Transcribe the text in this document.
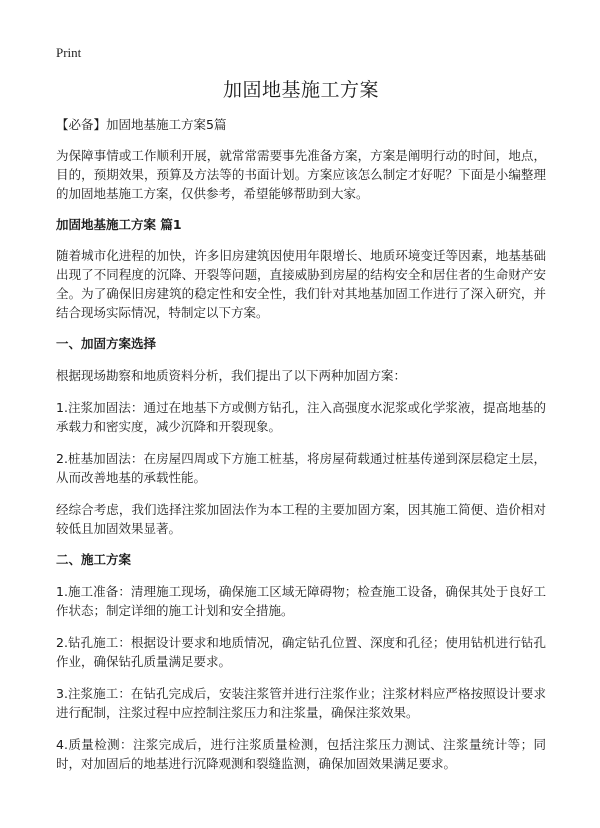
Print
加固地基施工方案
【必备】加固地基施工方案5篇

为保障事情或工作顺利开展，就常常需要事先准备方案，方案是阐明行动的时间，地点，目的，预期效果，预算及方法等的书面计划。方案应该怎么制定才好呢？下面是小编整理的加固地基施工方案，仅供参考，希望能够帮助到大家。

加固地基施工方案 篇1

随着城市化进程的加快，许多旧房建筑因使用年限增长、地质环境变迁等因素，地基基础出现了不同程度的沉降、开裂等问题，直接威胁到房屋的结构安全和居住者的生命财产安全。为了确保旧房建筑的稳定性和安全性，我们针对其地基加固工作进行了深入研究，并结合现场实际情况，特制定以下方案。

一、加固方案选择

根据现场勘察和地质资料分析，我们提出了以下两种加固方案：

1.注浆加固法：通过在地基下方或侧方钻孔，注入高强度水泥浆或化学浆液，提高地基的承载力和密实度，减少沉降和开裂现象。

2.桩基加固法：在房屋四周或下方施工桩基，将房屋荷载通过桩基传递到深层稳定土层，从而改善地基的承载性能。

经综合考虑，我们选择注浆加固法作为本工程的主要加固方案，因其施工简便、造价相对较低且加固效果显著。

二、施工方案

1.施工准备：清理施工现场，确保施工区域无障碍物；检查施工设备，确保其处于良好工作状态；制定详细的施工计划和安全措施。

2.钻孔施工：根据设计要求和地质情况，确定钻孔位置、深度和孔径；使用钻机进行钻孔作业，确保钻孔质量满足要求。

3.注浆施工：在钻孔完成后，安装注浆管并进行注浆作业；注浆材料应严格按照设计要求进行配制，注浆过程中应控制注浆压力和注浆量，确保注浆效果。

4.质量检测：注浆完成后，进行注浆质量检测，包括注浆压力测试、注浆量统计等；同时，对加固后的地基进行沉降观测和裂缝监测，确保加固效果满足要求。
